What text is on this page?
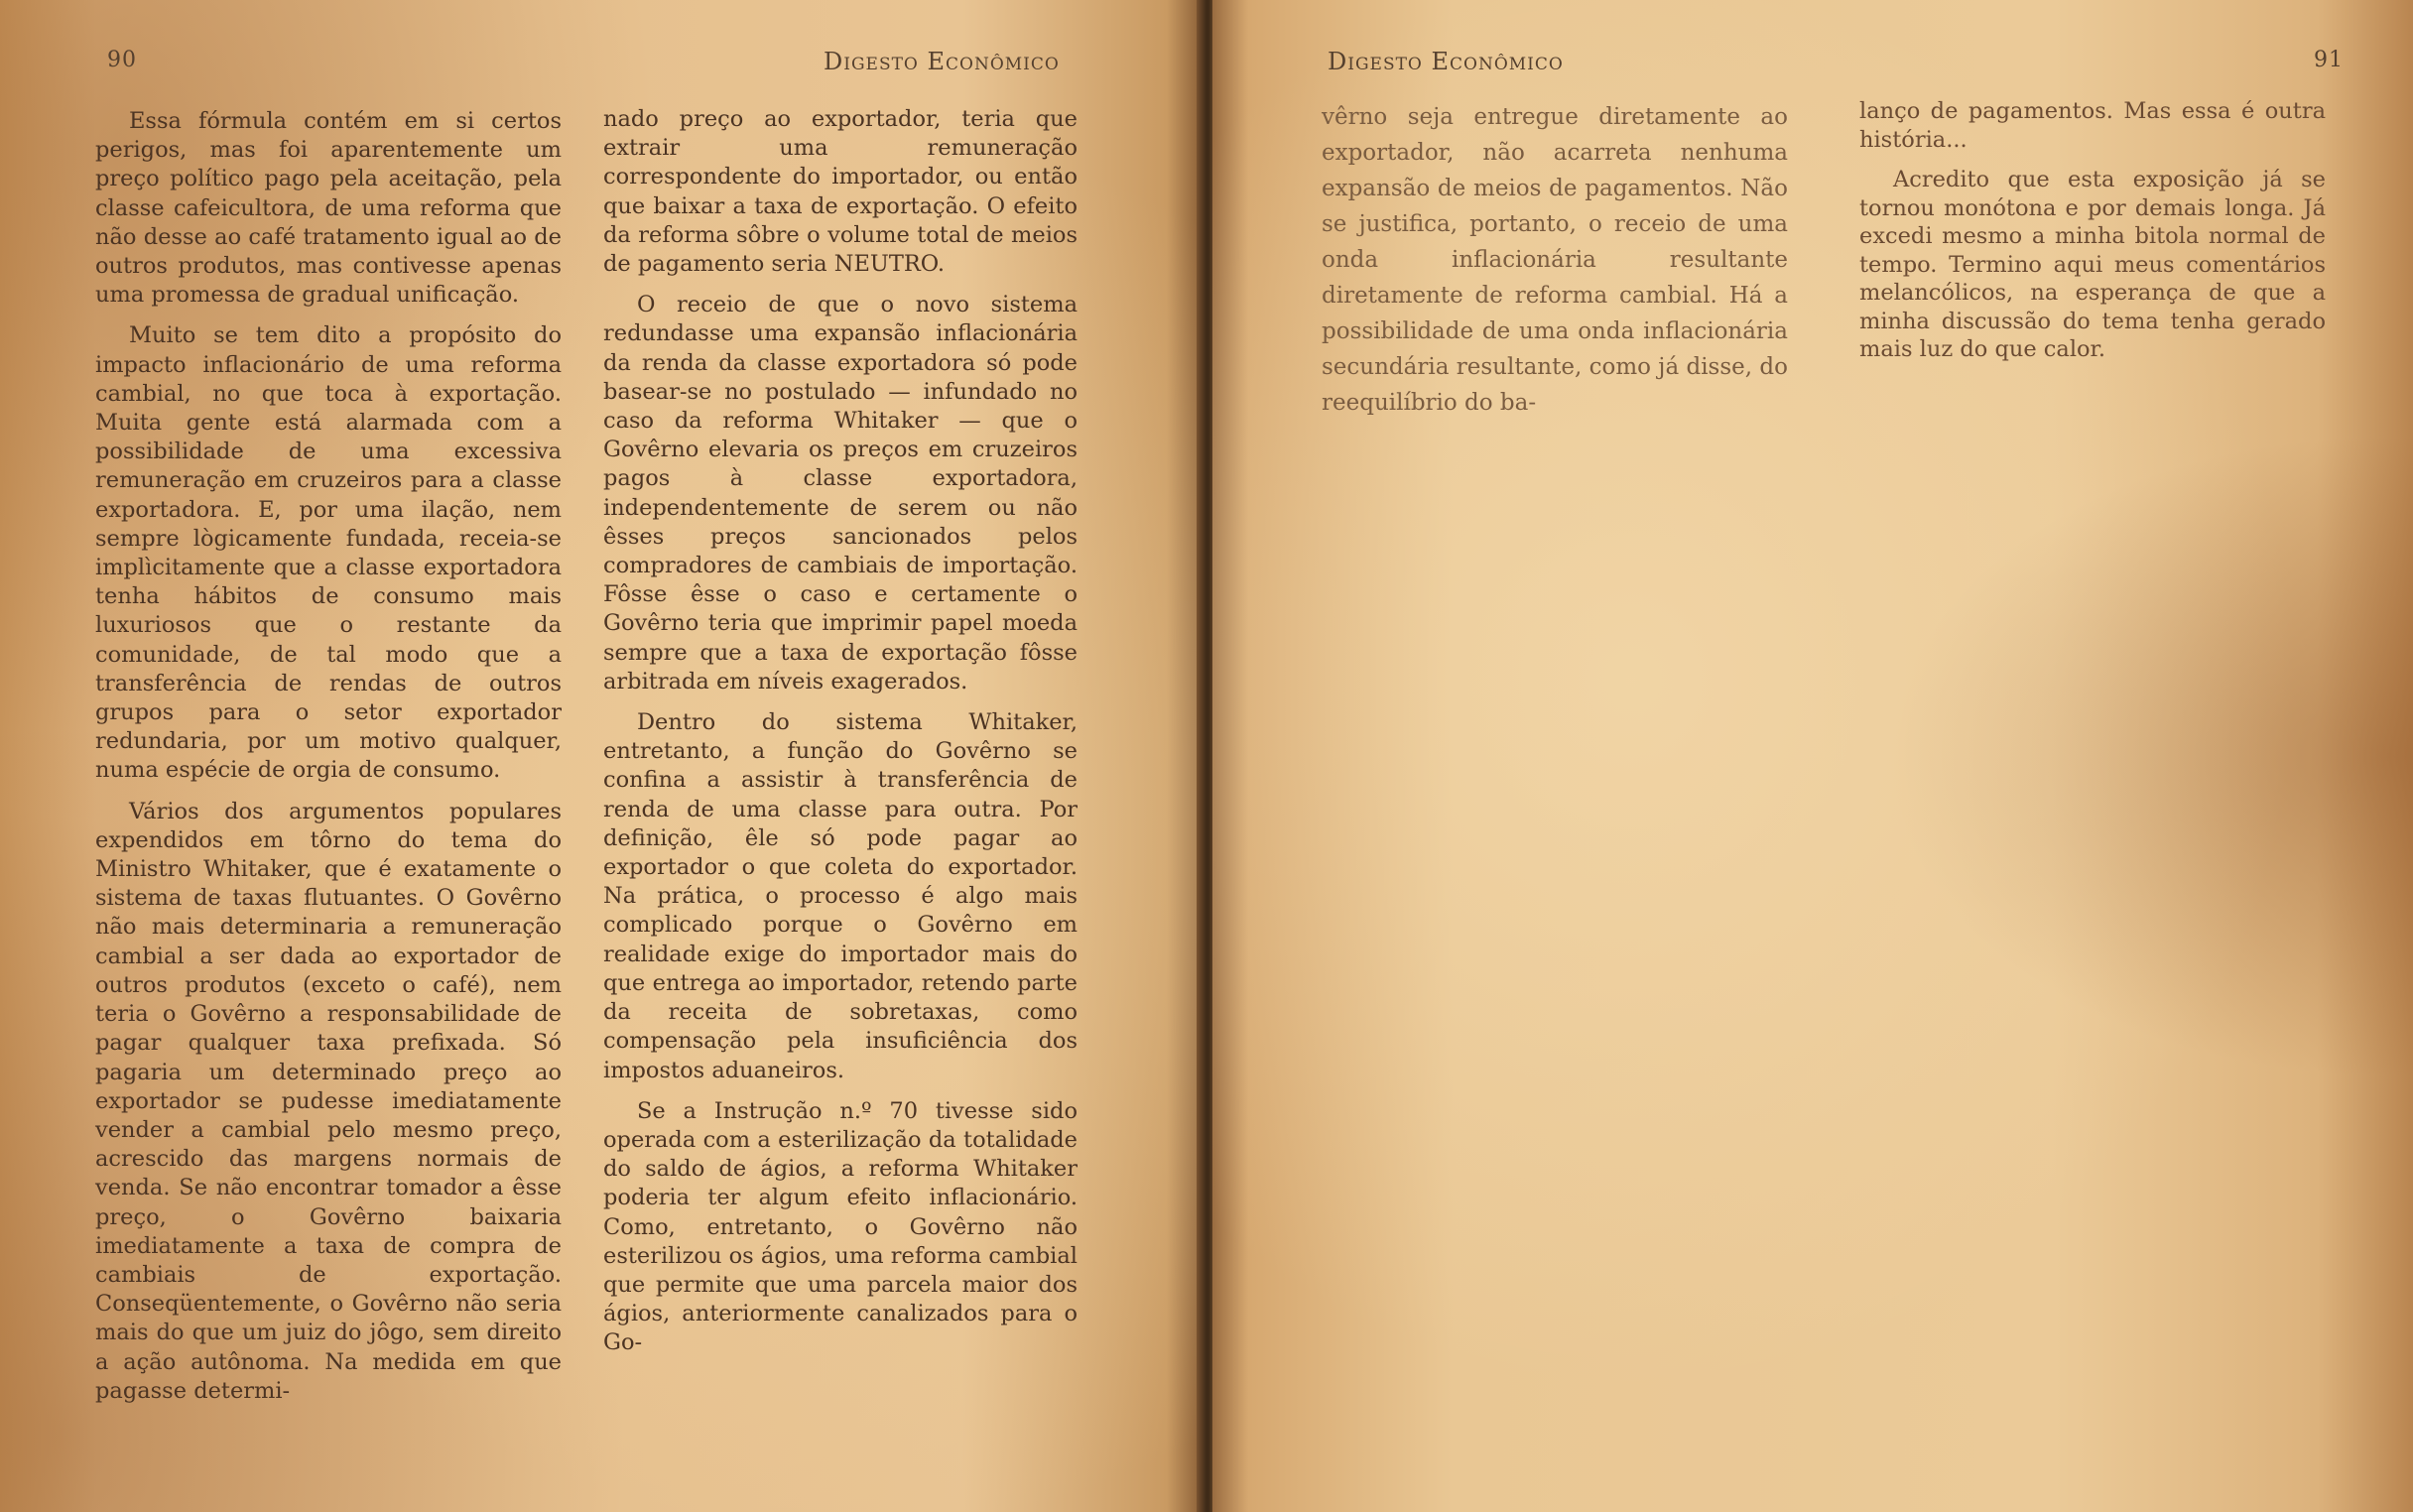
90	Digesto Econômico

Essa fórmula contém em si certos perigos, mas foi aparentemente um preço político pago pela aceitação, pela classe cafeicultora, de uma reforma que não desse ao café tratamento igual ao de outros produtos, mas contivesse apenas uma promessa de gradual unificação.

Muito se tem dito a propósito do impacto inflacionário de uma reforma cambial, no que toca à exportação. Muita gente está alarmada com a possibilidade de uma excessiva remuneração em cruzeiros para a classe exportadora. E, por uma ilação, nem sempre lògicamente fundada, receia-se implìcitamente que a classe exportadora tenha hábitos de consumo mais luxuriosos que o restante da comunidade, de tal modo que a transferência de rendas de outros grupos para o setor exportador redundaria, por um motivo qualquer, numa espécie de orgia de consumo.

Vários dos argumentos populares expendidos em tôrno do tema do Ministro Whitaker, que é exatamente o sistema de taxas flutuantes. O Govêrno não mais determinaria a remuneração cambial a ser dada ao exportador de outros produtos (exceto o café), nem teria o Govêrno a responsabilidade de pagar qualquer taxa prefixada. Só pagaria um determinado preço ao exportador se pudesse imediatamente vender a cambial pelo mesmo preço, acrescido das margens normais de venda. Se não encontrar tomador a êsse preço, o Govêrno baixaria imediatamente a taxa de compra de cambiais de exportação. Conseqüentemente, o Govêrno não seria mais do que um juiz do jôgo, sem direito a ação autônoma. Na medida em que pagasse determi-

nado preço ao exportador, teria que extrair uma remuneração correspondente do importador, ou então que baixar a taxa de exportação. O efeito da reforma sôbre o volume total de meios de pagamento seria NEUTRO.

O receio de que o novo sistema redundasse uma expansão inflacionária da renda da classe exportadora só pode basear-se no postulado — infundado no caso da reforma Whitaker — que o Govêrno elevaria os preços em cruzeiros pagos à classe exportadora, independentemente de serem ou não êsses preços sancionados pelos compradores de cambiais de importação. Fôsse êsse o caso e certamente o Govêrno teria que imprimir papel moeda sempre que a taxa de exportação fôsse arbitrada em níveis exagerados.

Dentro do sistema Whitaker, entretanto, a função do Govêrno se confina a assistir à transferência de renda de uma classe para outra. Por definição, êle só pode pagar ao exportador o que coleta do exportador. Na prática, o processo é algo mais complicado porque o Govêrno em realidade exige do importador mais do que entrega ao importador, retendo parte da receita de sobretaxas, como compensação pela insuficiência dos impostos aduaneiros.

Se a Instrução n.º 70 tivesse sido operada com a esterilização da totalidade do saldo de ágios, a reforma Whitaker poderia ter algum efeito inflacionário. Como, entretanto, o Govêrno não esterilizou os ágios, uma reforma cambial que permite que uma parcela maior dos ágios, anteriormente canalizados para o Go-

Digesto Econômico	91

vêrno seja entregue diretamente ao exportador, não acarreta nenhuma expansão de meios de pagamentos. Não se justifica, portanto, o receio de uma onda inflacionária resultante diretamente de reforma cambial. Há a possibilidade de uma onda inflacionária secundária resultante, como já disse, do reequilíbrio do ba-

lanço de pagamentos. Mas essa é outra história...

Acredito que esta exposição já se tornou monótona e por demais longa. Já excedi mesmo a minha bitola normal de tempo. Termino aqui meus comentários melancólicos, na esperança de que a minha discussão do tema tenha gerado mais luz do que calor.
